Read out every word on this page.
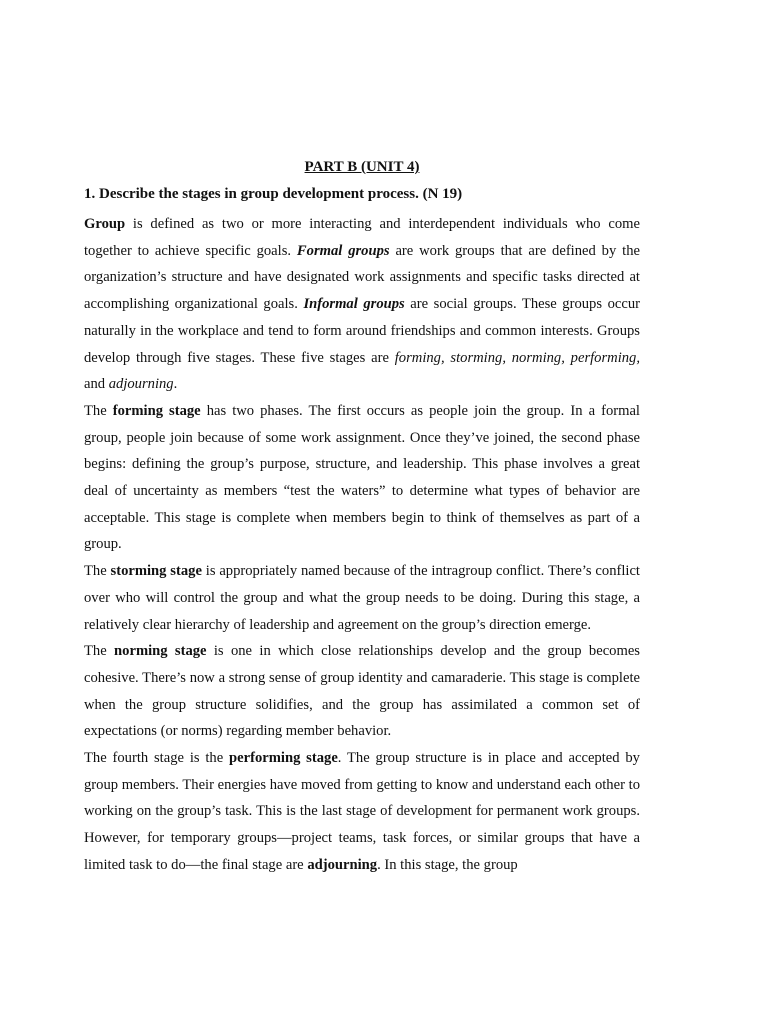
PART B (UNIT 4)
1. Describe the stages in group development process. (N 19)

Group is defined as two or more interacting and interdependent individuals who come together to achieve specific goals. Formal groups are work groups that are defined by the organization’s structure and have designated work assignments and specific tasks directed at accomplishing organizational goals. Informal groups are social groups. These groups occur naturally in the workplace and tend to form around friendships and common interests. Groups develop through five stages. These five stages are forming, storming, norming, performing, and adjourning.

The forming stage has two phases. The first occurs as people join the group. In a formal group, people join because of some work assignment. Once they’ve joined, the second phase begins: defining the group’s purpose, structure, and leadership. This phase involves a great deal of uncertainty as members “test the waters” to determine what types of behavior are acceptable. This stage is complete when members begin to think of themselves as part of a group.

The storming stage is appropriately named because of the intragroup conflict. There’s conflict over who will control the group and what the group needs to be doing. During this stage, a relatively clear hierarchy of leadership and agreement on the group’s direction emerge.

The norming stage is one in which close relationships develop and the group becomes cohesive. There’s now a strong sense of group identity and camaraderie. This stage is complete when the group structure solidifies, and the group has assimilated a common set of expectations (or norms) regarding member behavior.

The fourth stage is the performing stage. The group structure is in place and accepted by group members. Their energies have moved from getting to know and understand each other to working on the group’s task. This is the last stage of development for permanent work groups. However, for temporary groups—project teams, task forces, or similar groups that have a limited task to do—the final stage are adjourning. In this stage, the group
